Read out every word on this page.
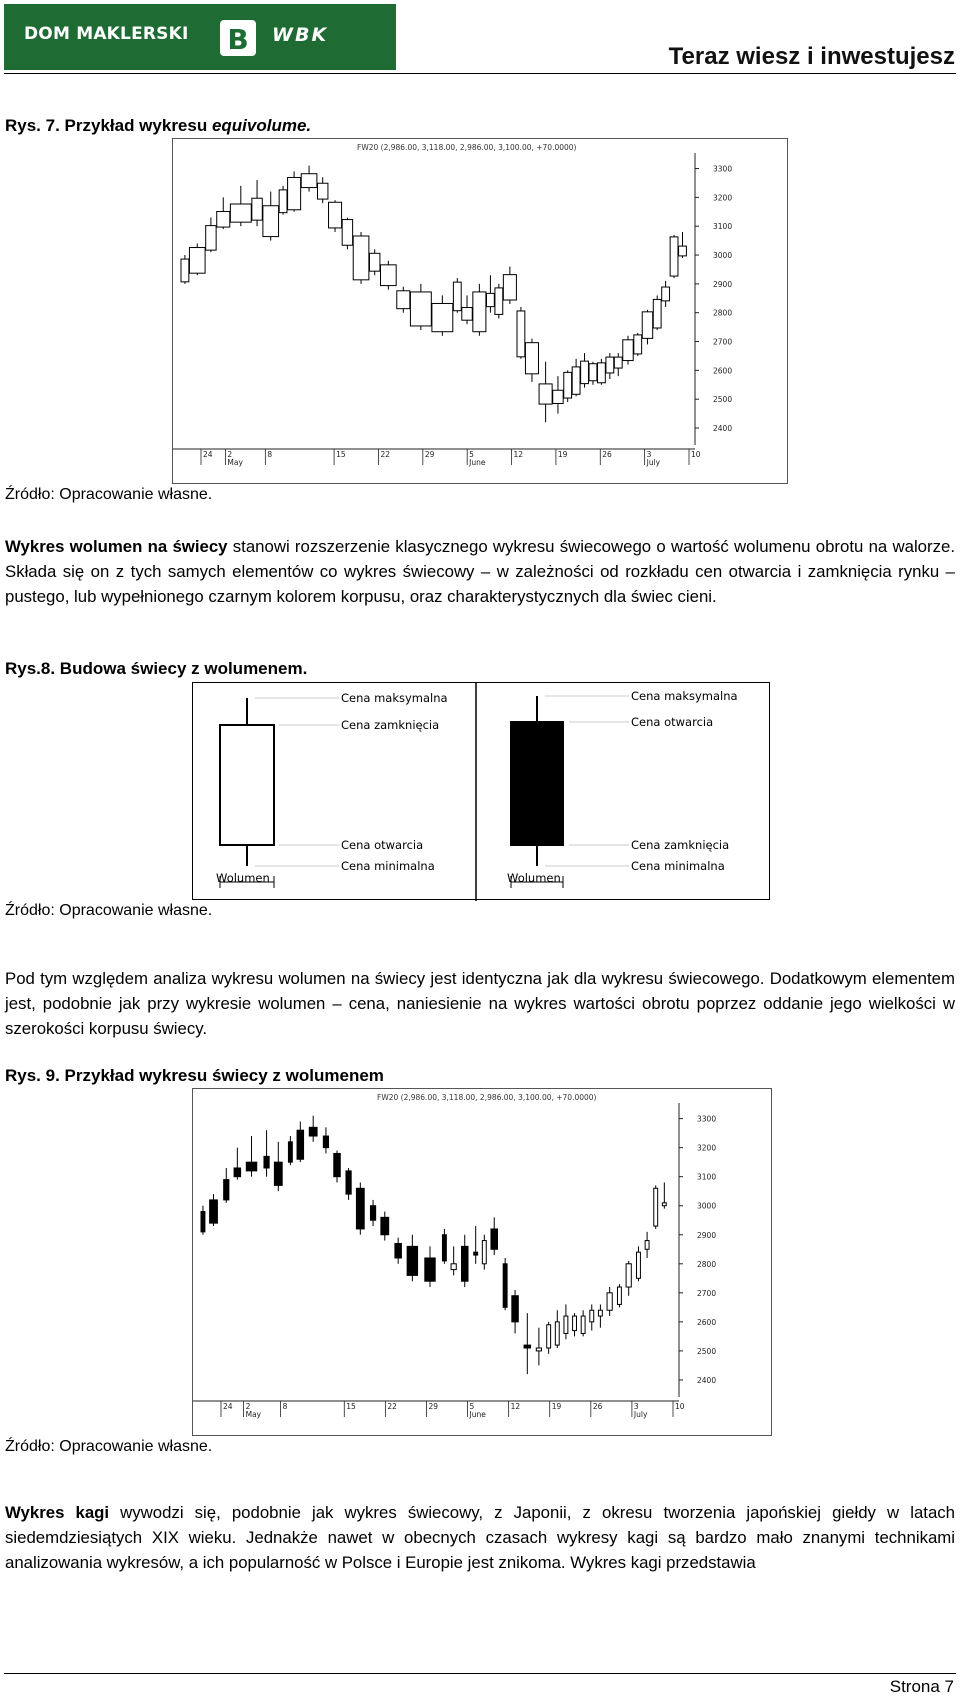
DOM MAKLERSKI B WBK
Teraz wiesz i inwestujesz
Rys. 7. Przykład wykresu equivolume.
FW20 (2,986.00, 3,118.00, 2,986.00, 3,100.00, +70.0000)
3300
3200
3100
3000
2900
2800
2700
2600
2500
2400
24 2	8	15	22	29	5	12	19	26	3	10
May	June	July
Źródło: Opracowanie własne.
Wykres wolumen na świecy stanowi rozszerzenie klasycznego wykresu świecowego o wartość wolumenu obrotu na walorze. Składa się on z tych samych elementów co wykres świecowy – w zależności od rozkładu cen otwarcia i zamknięcia rynku – pustego, lub wypełnionego czarnym kolorem korpusu, oraz charakterystycznych dla świec cieni.
Rys.8. Budowa świecy z wolumenem.
Cena maksymalna
Cena zamknięcia
Cena otwarcia
Cena minimalna
Wolumen
Cena maksymalna
Cena otwarcia
Cena zamknięcia
Cena minimalna
Wolumen
Źródło: Opracowanie własne.
Pod tym względem analiza wykresu wolumen na świecy jest identyczna jak dla wykresu świecowego. Dodatkowym elementem jest, podobnie jak przy wykresie wolumen – cena, naniesienie na wykres wartości obrotu poprzez oddanie jego wielkości w szerokości korpusu świecy.
Rys. 9. Przykład wykresu świecy z wolumenem
FW20 (2,986.00, 3,118.00, 2,986.00, 3,100.00, +70.0000)
3300
3200
3100
3000
2900
2800
2700
2600
2500
2400
24 2	8	15	22	29	5	12	19	26	3	10
May	June	July
Źródło: Opracowanie własne.
Wykres kagi wywodzi się, podobnie jak wykres świecowy, z Japonii, z okresu tworzenia japońskiej giełdy w latach siedemdziesiątych XIX wieku. Jednakże nawet w obecnych czasach wykresy kagi są bardzo mało znanymi technikami analizowania wykresów, a ich popularność w Polsce i Europie jest znikoma. Wykres kagi przedstawia
Strona 7
